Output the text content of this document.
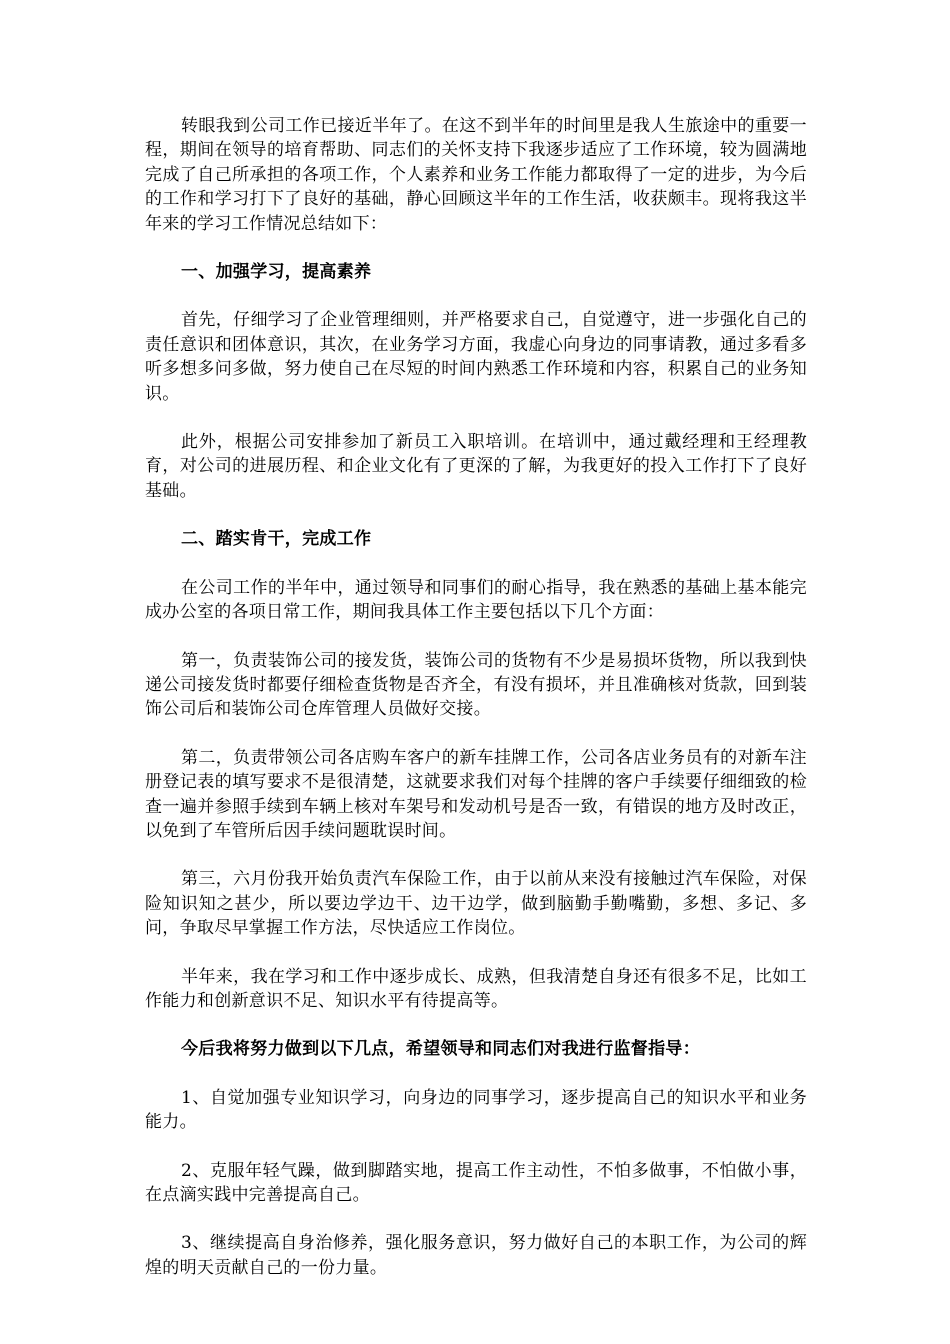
转眼我到公司工作已接近半年了。在这不到半年的时间里是我人生旅途中的重要一程，期间在领导的培育帮助、同志们的关怀支持下我逐步适应了工作环境，较为圆满地完成了自己所承担的各项工作，个人素养和业务工作能力都取得了一定的进步，为今后的工作和学习打下了良好的基础，静心回顾这半年的工作生活，收获颇丰。现将我这半年来的学习工作情况总结如下：

一、加强学习，提高素养

首先，仔细学习了企业管理细则，并严格要求自己，自觉遵守，进一步强化自己的责任意识和团体意识，其次，在业务学习方面，我虚心向身边的同事请教，通过多看多听多想多问多做，努力使自己在尽短的时间内熟悉工作环境和内容，积累自己的业务知识。

此外，根据公司安排参加了新员工入职培训。在培训中，通过戴经理和王经理教育，对公司的进展历程、和企业文化有了更深的了解，为我更好的投入工作打下了良好基础。

二、踏实肯干，完成工作

在公司工作的半年中，通过领导和同事们的耐心指导，我在熟悉的基础上基本能完成办公室的各项日常工作，期间我具体工作主要包括以下几个方面：

第一，负责装饰公司的接发货，装饰公司的货物有不少是易损坏货物，所以我到快递公司接发货时都要仔细检查货物是否齐全，有没有损坏，并且准确核对货款，回到装饰公司后和装饰公司仓库管理人员做好交接。

第二，负责带领公司各店购车客户的新车挂牌工作，公司各店业务员有的对新车注册登记表的填写要求不是很清楚，这就要求我们对每个挂牌的客户手续要仔细细致的检查一遍并参照手续到车辆上核对车架号和发动机号是否一致，有错误的地方及时改正，以免到了车管所后因手续问题耽误时间。

第三，六月份我开始负责汽车保险工作，由于以前从来没有接触过汽车保险，对保险知识知之甚少，所以要边学边干、边干边学，做到脑勤手勤嘴勤，多想、多记、多问，争取尽早掌握工作方法，尽快适应工作岗位。

半年来，我在学习和工作中逐步成长、成熟，但我清楚自身还有很多不足，比如工作能力和创新意识不足、知识水平有待提高等。

今后我将努力做到以下几点，希望领导和同志们对我进行监督指导：

1、自觉加强专业知识学习，向身边的同事学习，逐步提高自己的知识水平和业务能力。

2、克服年轻气躁，做到脚踏实地，提高工作主动性，不怕多做事，不怕做小事，在点滴实践中完善提高自己。

3、继续提高自身治修养，强化服务意识，努力做好自己的本职工作，为公司的辉煌的明天贡献自己的一份力量。
